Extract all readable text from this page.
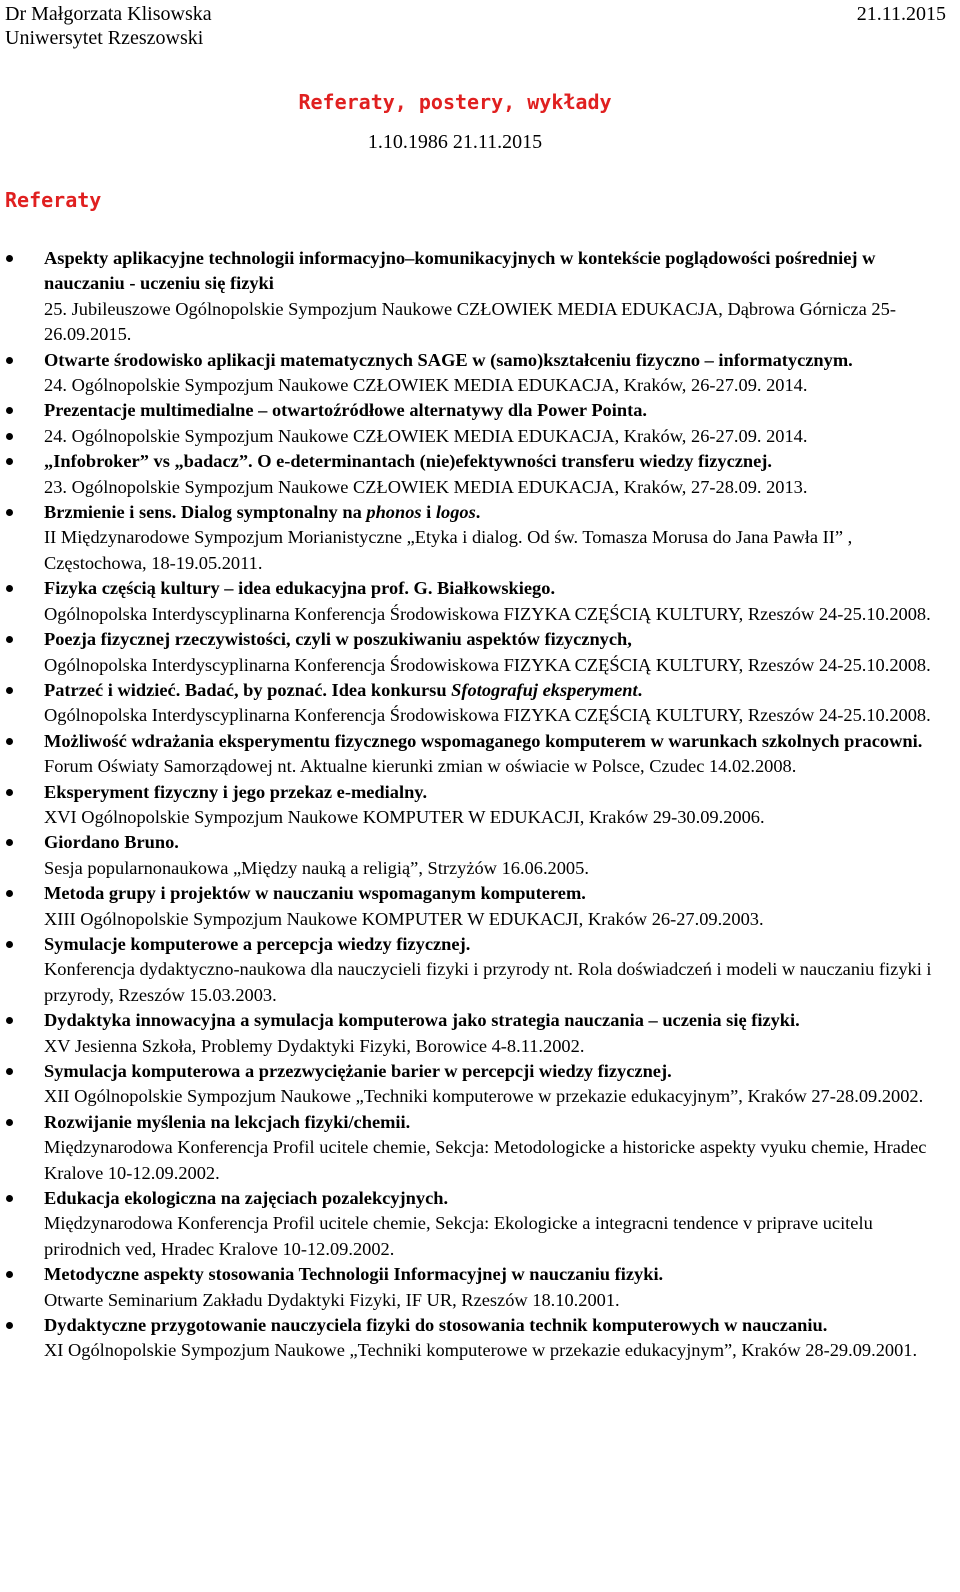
Dr Małgorzata Klisowska
Uniwersytet Rzeszowski
21.11.2015
Referaty, postery, wykłady
1.10.1986 21.11.2015
Referaty
Aspekty aplikacyjne technologii informacyjno–komunikacyjnych w kontekście poglądowości pośredniej w nauczaniu - uczeniu się fizyki
25. Jubileuszowe Ogólnopolskie Sympozjum Naukowe CZŁOWIEK MEDIA EDUKACJA, Dąbrowa Górnicza 25-26.09.2015.
Otwarte środowisko aplikacji matematycznych SAGE w (samo)kształceniu fizyczno – informatycznym.
24. Ogólnopolskie Sympozjum Naukowe CZŁOWIEK MEDIA EDUKACJA, Kraków, 26-27.09. 2014.
Prezentacje multimedialne – otwartoźródłowe alternatywy dla Power Pointa.
24. Ogólnopolskie Sympozjum Naukowe CZŁOWIEK MEDIA EDUKACJA, Kraków, 26-27.09. 2014.
„Infobroker” vs „badacz”. O e-determinantach (nie)efektywności transferu wiedzy fizycznej.
23. Ogólnopolskie Sympozjum Naukowe CZŁOWIEK MEDIA EDUKACJA, Kraków, 27-28.09. 2013.
Brzmienie i sens. Dialog symptonalny na phonos i logos.
II Międzynarodowe Sympozjum Morianistyczne „Etyka i dialog. Od św. Tomasza Morusa do Jana Pawła II” , Częstochowa, 18-19.05.2011.
Fizyka częścią kultury – idea edukacyjna prof. G. Białkowskiego.
Ogólnopolska Interdyscyplinarna Konferencja Środowiskowa FIZYKA CZĘŚCIĄ KULTURY, Rzeszów 24-25.10.2008.
Poezja fizycznej rzeczywistości, czyli w poszukiwaniu aspektów fizycznych,
Ogólnopolska Interdyscyplinarna Konferencja Środowiskowa FIZYKA CZĘŚCIĄ KULTURY, Rzeszów 24-25.10.2008.
Patrzeć i widzieć. Badać, by poznać. Idea konkursu Sfotografuj eksperyment.
Ogólnopolska Interdyscyplinarna Konferencja Środowiskowa FIZYKA CZĘŚCIĄ KULTURY, Rzeszów 24-25.10.2008.
Możliwość wdrażania eksperymentu fizycznego wspomaganego komputerem w warunkach szkolnych pracowni.
Forum Oświaty Samorządowej nt. Aktualne kierunki zmian w oświacie w Polsce, Czudec 14.02.2008.
Eksperyment fizyczny i jego przekaz e-medialny.
XVI Ogólnopolskie Sympozjum Naukowe KOMPUTER W EDUKACJI, Kraków 29-30.09.2006.
Giordano Bruno.
Sesja popularnonaukowa „Między nauką a religią”, Strzyżów 16.06.2005.
Metoda grupy i projektów w nauczaniu wspomaganym komputerem.
XIII Ogólnopolskie Sympozjum Naukowe KOMPUTER W EDUKACJI, Kraków 26-27.09.2003.
Symulacje komputerowe a percepcja wiedzy fizycznej.
Konferencja dydaktyczno-naukowa dla nauczycieli fizyki i przyrody nt. Rola doświadczeń i modeli w nauczaniu fizyki i przyrody, Rzeszów 15.03.2003.
Dydaktyka innowacyjna a symulacja komputerowa jako strategia nauczania – uczenia się fizyki.
XV Jesienna Szkoła, Problemy Dydaktyki Fizyki, Borowice 4-8.11.2002.
Symulacja komputerowa a przezwyciężanie barier w percepcji wiedzy fizycznej.
XII Ogólnopolskie Sympozjum Naukowe „Techniki komputerowe w przekazie edukacyjnym”, Kraków 27-28.09.2002.
Rozwijanie myślenia na lekcjach fizyki/chemii.
Międzynarodowa Konferencja Profil ucitele chemie, Sekcja: Metodologicke a historicke aspekty vyuku chemie, Hradec Kralove 10-12.09.2002.
Edukacja ekologiczna na zajęciach pozalekcyjnych.
Międzynarodowa Konferencja Profil ucitele chemie, Sekcja: Ekologicke a integracni tendence v priprave ucitelu prirodnich ved, Hradec Kralove 10-12.09.2002.
Metodyczne aspekty stosowania Technologii Informacyjnej w nauczaniu fizyki.
Otwarte Seminarium Zakładu Dydaktyki Fizyki, IF UR, Rzeszów 18.10.2001.
Dydaktyczne przygotowanie nauczyciela fizyki do stosowania technik komputerowych w nauczaniu.
XI Ogólnopolskie Sympozjum Naukowe „Techniki komputerowe w przekazie edukacyjnym”, Kraków 28-29.09.2001.
